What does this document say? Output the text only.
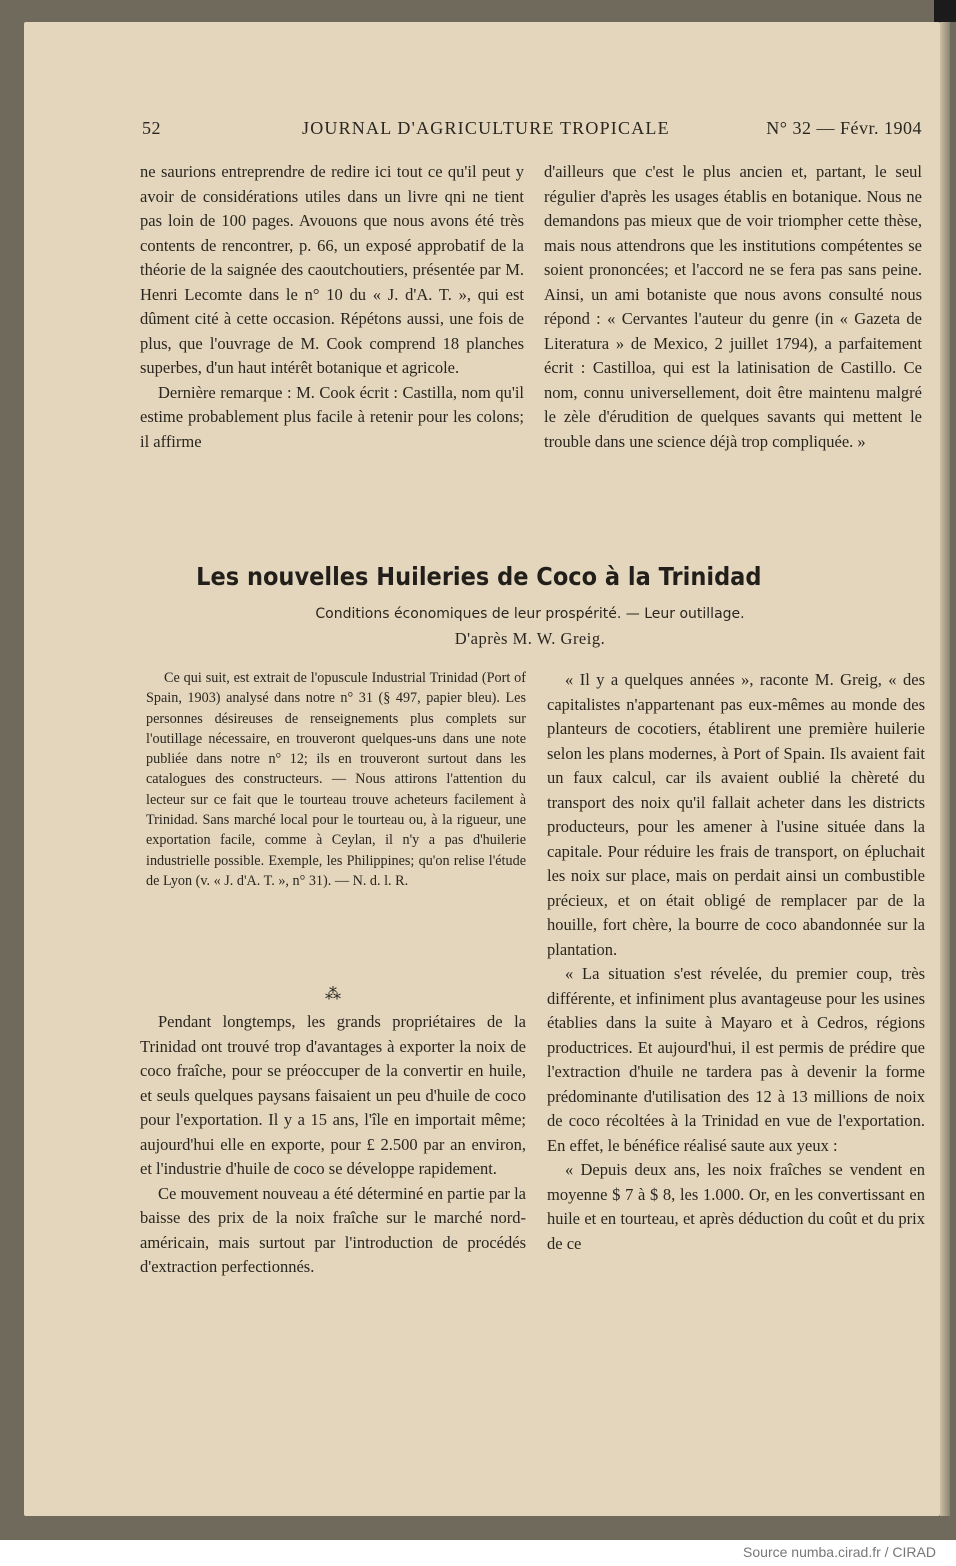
52	JOURNAL D'AGRICULTURE TROPICALE	N° 32 — Févr. 1904

ne saurions entreprendre de redire ici tout ce qu'il peut y avoir de considérations utiles dans un livre qni ne tient pas loin de 100 pages. Avouons que nous avons été très contents de rencontrer, p. 66, un exposé approbatif de la théorie de la saignée des caoutchoutiers, présentée par M. Henri Lecomte dans le n° 10 du « J. d'A. T. », qui est dûment cité à cette occasion. Répétons aussi, une fois de plus, que l'ouvrage de M. Cook comprend 18 planches superbes, d'un haut intérêt botanique et agricole.

Dernière remarque : M. Cook écrit : Castilla, nom qu'il estime probablement plus facile à retenir pour les colons; il affirme

d'ailleurs que c'est le plus ancien et, partant, le seul régulier d'après les usages établis en botanique. Nous ne demandons pas mieux que de voir triompher cette thèse, mais nous attendrons que les institutions compétentes se soient prononcées; et l'accord ne se fera pas sans peine. Ainsi, un ami botaniste que nous avons consulté nous répond : « Cervantes l'auteur du genre (in « Gazeta de Literatura » de Mexico, 2 juillet 1794), a parfaitement écrit : Castilloa, qui est la latinisation de Castillo. Ce nom, connu universellement, doit être maintenu malgré le zèle d'érudition de quelques savants qui mettent le trouble dans une science déjà trop compliquée. »

Les nouvelles Huileries de Coco à la Trinidad
Conditions économiques de leur prospérité. — Leur outillage.
D'après M. W. Greig.

Ce qui suit, est extrait de l'opuscule Industrial Trinidad (Port of Spain, 1903) analysé dans notre n° 31 (§ 497, papier bleu). Les personnes désireuses de renseignements plus complets sur l'outillage nécessaire, en trouveront quelques-uns dans une note publiée dans notre n° 12; ils en trouveront surtout dans les catalogues des constructeurs. — Nous attirons l'attention du lecteur sur ce fait que le tourteau trouve acheteurs facilement à Trinidad. Sans marché local pour le tourteau ou, à la rigueur, une exportation facile, comme à Ceylan, il n'y a pas d'huilerie industrielle possible. Exemple, les Philippines; qu'on relise l'étude de Lyon (v. « J. d'A. T. », n° 31). — N. d. l. R.

⁂

Pendant longtemps, les grands propriétaires de la Trinidad ont trouvé trop d'avantages à exporter la noix de coco fraîche, pour se préoccuper de la convertir en huile, et seuls quelques paysans faisaient un peu d'huile de coco pour l'exportation. Il y a 15 ans, l'île en importait même; aujourd'hui elle en exporte, pour £ 2.500 par an environ, et l'industrie d'huile de coco se développe rapidement.

Ce mouvement nouveau a été déterminé en partie par la baisse des prix de la noix fraîche sur le marché nord-américain, mais surtout par l'introduction de procédés d'extraction perfectionnés.

« Il y a quelques années », raconte M. Greig, « des capitalistes n'appartenant pas eux-mêmes au monde des planteurs de cocotiers, établirent une première huilerie selon les plans modernes, à Port of Spain. Ils avaient fait un faux calcul, car ils avaient oublié la chèreté du transport des noix qu'il fallait acheter dans les districts producteurs, pour les amener à l'usine située dans la capitale. Pour réduire les frais de transport, on épluchait les noix sur place, mais on perdait ainsi un combustible précieux, et on était obligé de remplacer par de la houille, fort chère, la bourre de coco abandonnée sur la plantation.

« La situation s'est révelée, du premier coup, très différente, et infiniment plus avantageuse pour les usines établies dans la suite à Mayaro et à Cedros, régions productrices. Et aujourd'hui, il est permis de prédire que l'extraction d'huile ne tardera pas à devenir la forme prédominante d'utilisation des 12 à 13 millions de noix de coco récoltées à la Trinidad en vue de l'exportation. En effet, le bénéfice réalisé saute aux yeux :

« Depuis deux ans, les noix fraîches se vendent en moyenne $ 7 à $ 8, les 1.000. Or, en les convertissant en huile et en tourteau, et après déduction du coût et du prix de ce

Source numba.cirad.fr / CIRAD
